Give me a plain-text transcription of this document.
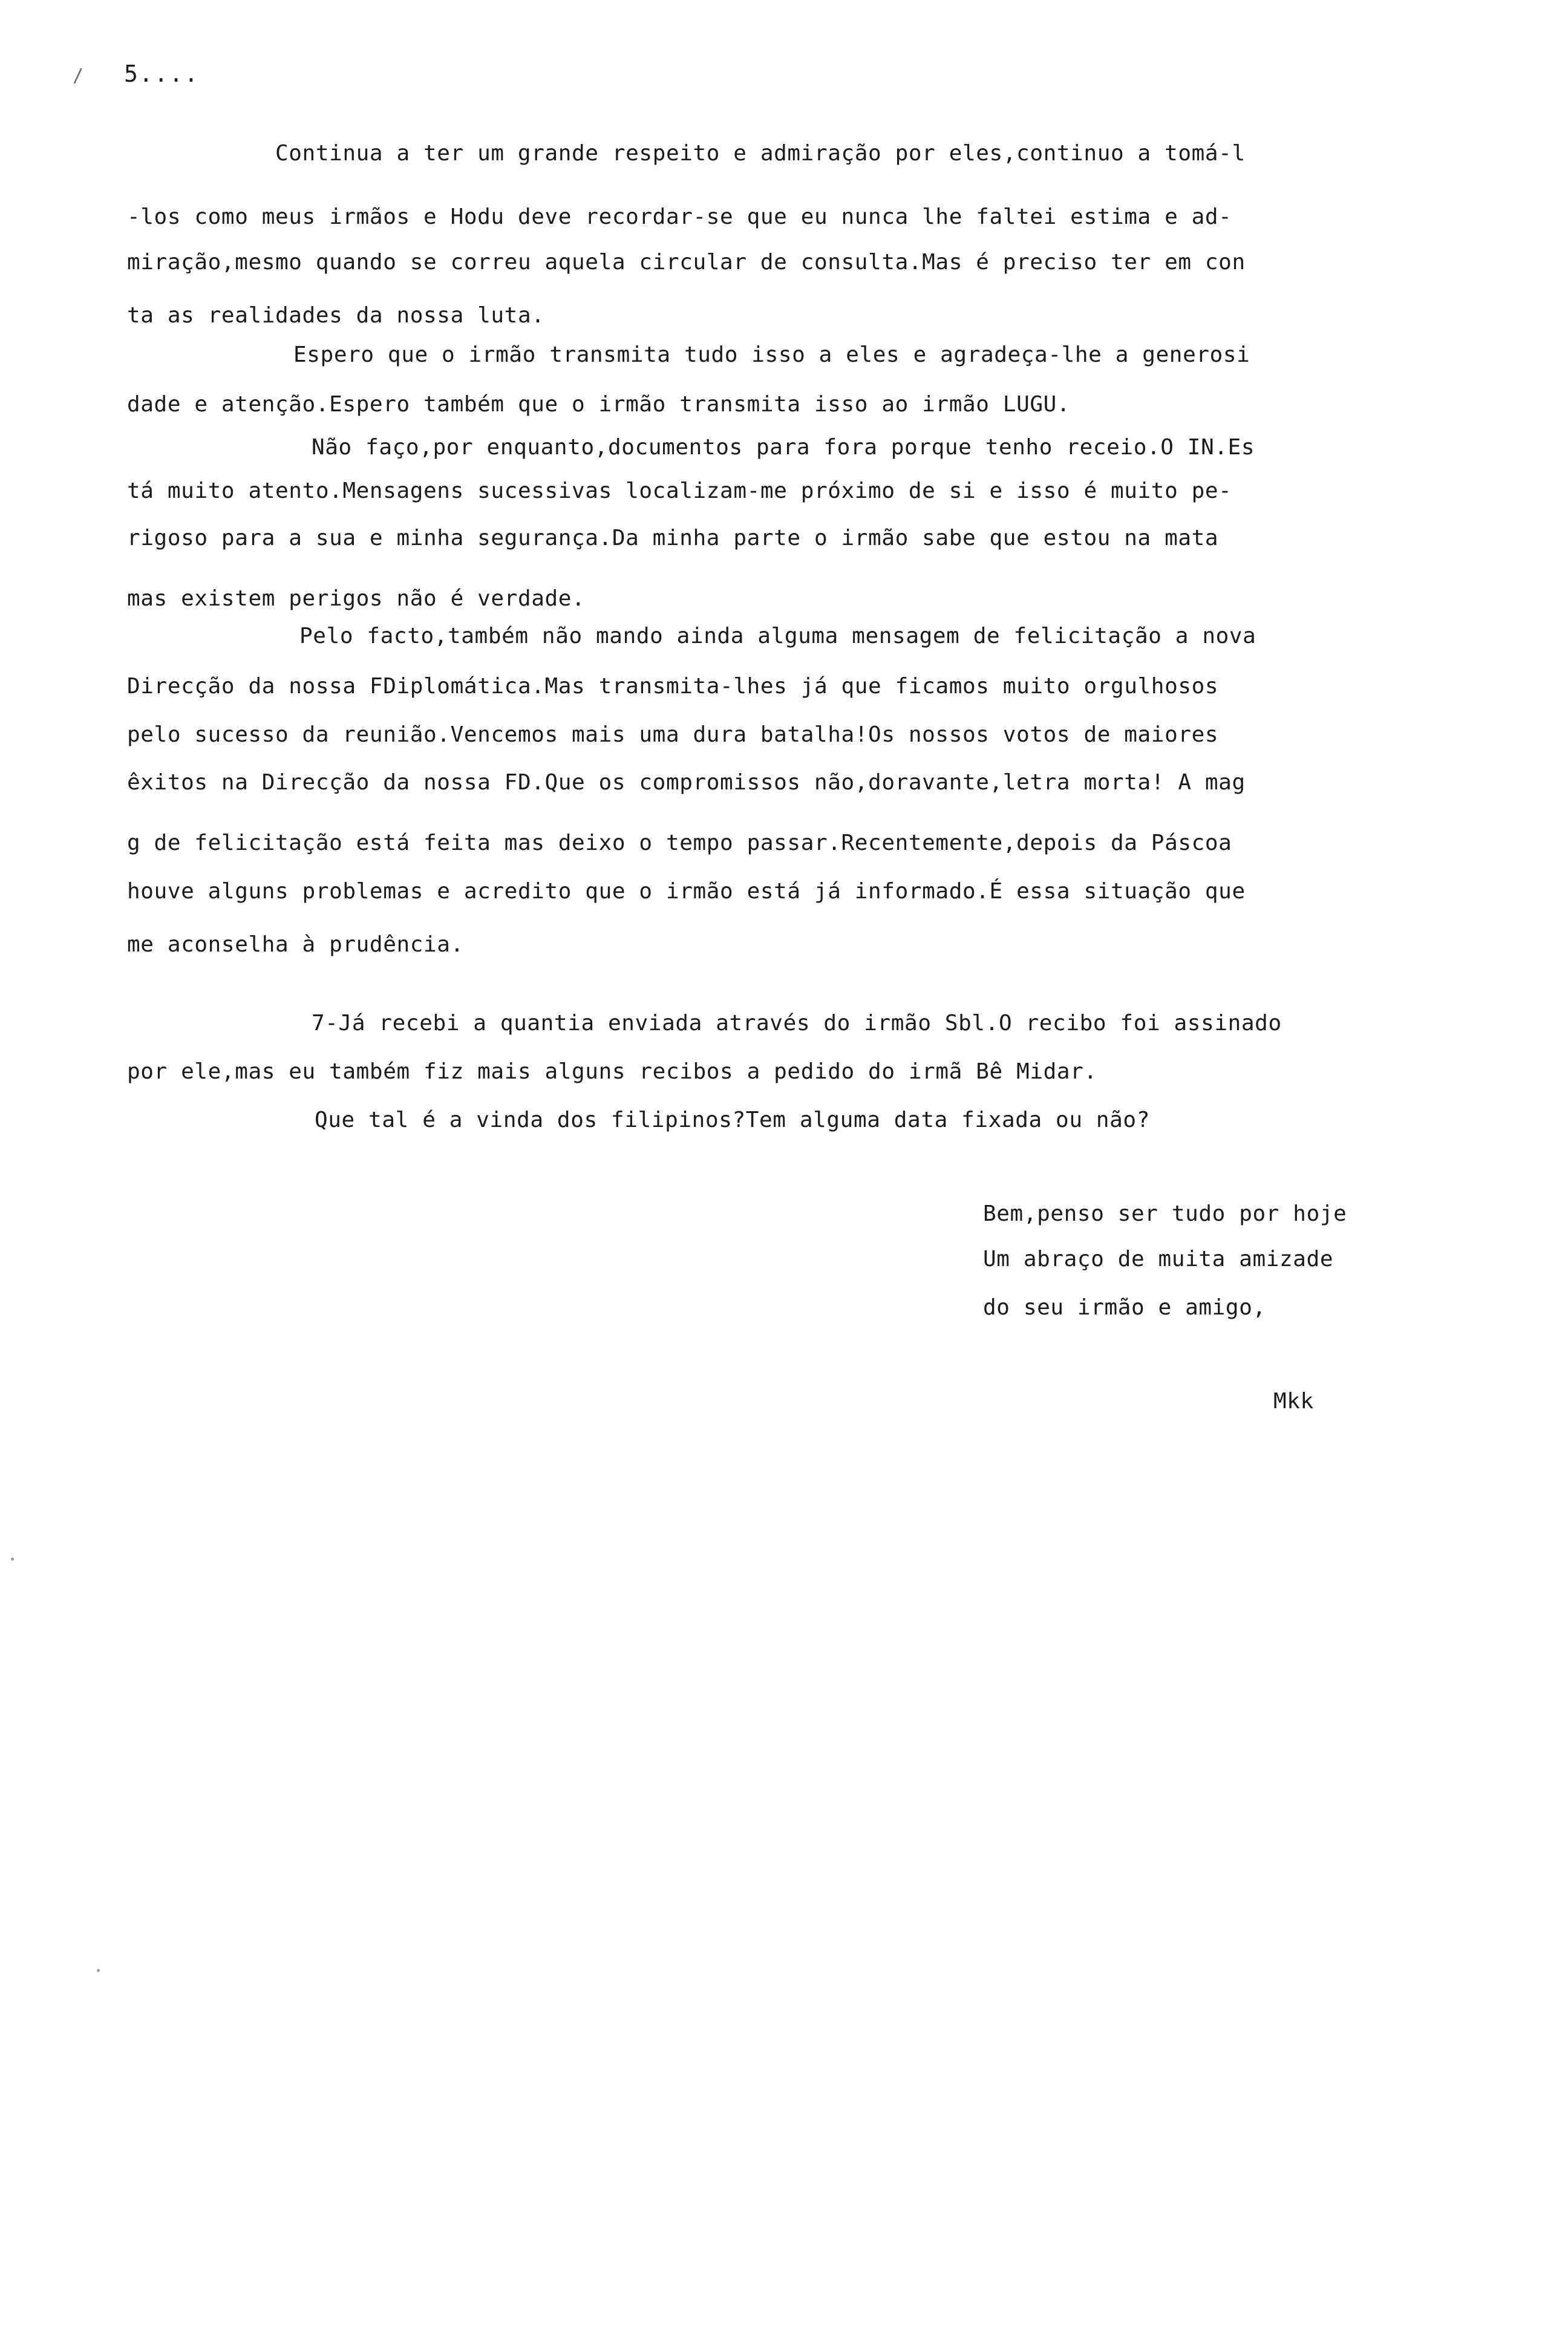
/ 5....
Continua a ter um grande respeito e admiração por eles,continuo a tomá-l
-los como meus irmãos e Hodu deve recordar-se que eu nunca lhe faltei estima e ad-
miração,mesmo quando se correu aquela circular de consulta.Mas é preciso ter em con
ta as realidades da nossa luta.
Espero que o irmão transmita tudo isso a eles e agradeça-lhe a generosi
dade e atenção.Espero também que o irmão transmita isso ao irmão LUGU.
Não faço,por enquanto,documentos para fora porque tenho receio.O IN.Es
tá muito atento.Mensagens sucessivas localizam-me próximo de si e isso é muito pe-
rigoso para a sua e minha segurança.Da minha parte o irmão sabe que estou na mata
mas existem perigos não é verdade.
Pelo facto,também não mando ainda alguma mensagem de felicitação a nova
Direcção da nossa FDiplomática.Mas transmita-lhes já que ficamos muito orgulhosos
pelo sucesso da reunião.Vencemos mais uma dura batalha!Os nossos votos de maiores
êxitos na Direcção da nossa FD.Que os compromissos não,doravante,letra morta! A mag
g de felicitação está feita mas deixo o tempo passar.Recentemente,depois da Páscoa
houve alguns problemas e acredito que o irmão está já informado.É essa situação que
me aconselha à prudência.
7-Já recebi a quantia enviada através do irmão Sbl.O recibo foi assinado
por ele,mas eu também fiz mais alguns recibos a pedido do irmã Bê Midar.
Que tal é a vinda dos filipinos?Tem alguma data fixada ou não?
Bem,penso ser tudo por hoje
Um abraço de muita amizade
do seu irmão e amigo,
Mkk
